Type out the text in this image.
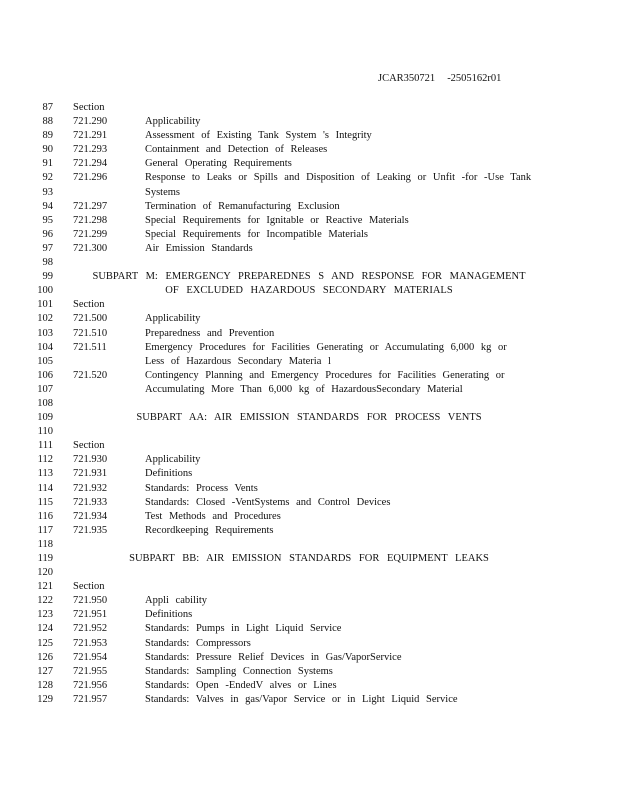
JCAR350721 -2505162r01
87 Section
88 721.290	Applicability
89 721.291	Assessment of Existing Tank System 's Integrity
90 721.293	Containment and Detection of Releases
91 721.294	General Operating Requirements
92 721.296	Response to Leaks or Spills and Disposition of Leaking or Unfit -for -Use Tank
93	Systems
94 721.297	Termination of Remanufacturing Exclusion
95 721.298	Special Requirements for Ignitable or Reactive Materials
96 721.299	Special Requirements for Incompatible Materials
97 721.300	Air Emission Standards
98
99	SUBPART M: EMERGENCY PREPAREDNES S AND RESPONSE FOR MANAGEMENT
100	OF EXCLUDED HAZARDOUS SECONDARY MATERIALS
101 Section
102 721.500	Applicability
103 721.510	Preparedness and Prevention
104 721.511	Emergency Procedures for Facilities Generating or Accumulating 6,000 kg or
105	Less of Hazardous Secondary Materia l
106 721.520	Contingency Planning and Emergency Procedures for Facilities Generating or
107	Accumulating More Than 6,000 kg of HazardousSecondary Material
108
109	SUBPART AA: AIR EMISSION STANDARDS FOR PROCESS VENTS
110
111 Section
112 721.930	Applicability
113 721.931	Definitions
114 721.932	Standards: Process Vents
115 721.933	Standards: Closed -VentSystems and Control Devices
116 721.934	Test Methods and Procedures
117 721.935	Recordkeeping Requirements
118
119	SUBPART BB: AIR EMISSION STANDARDS FOR EQUIPMENT LEAKS
120
121 Section
122 721.950	Appli cability
123 721.951	Definitions
124 721.952	Standards: Pumps in Light Liquid Service
125 721.953	Standards: Compressors
126 721.954	Standards: Pressure Relief Devices in Gas/VaporService
127 721.955	Standards: Sampling Connection Systems
128 721.956	Standards: Open -EndedV alves or Lines
129 721.957	Standards: Valves in gas/Vapor Service or in Light Liquid Service
